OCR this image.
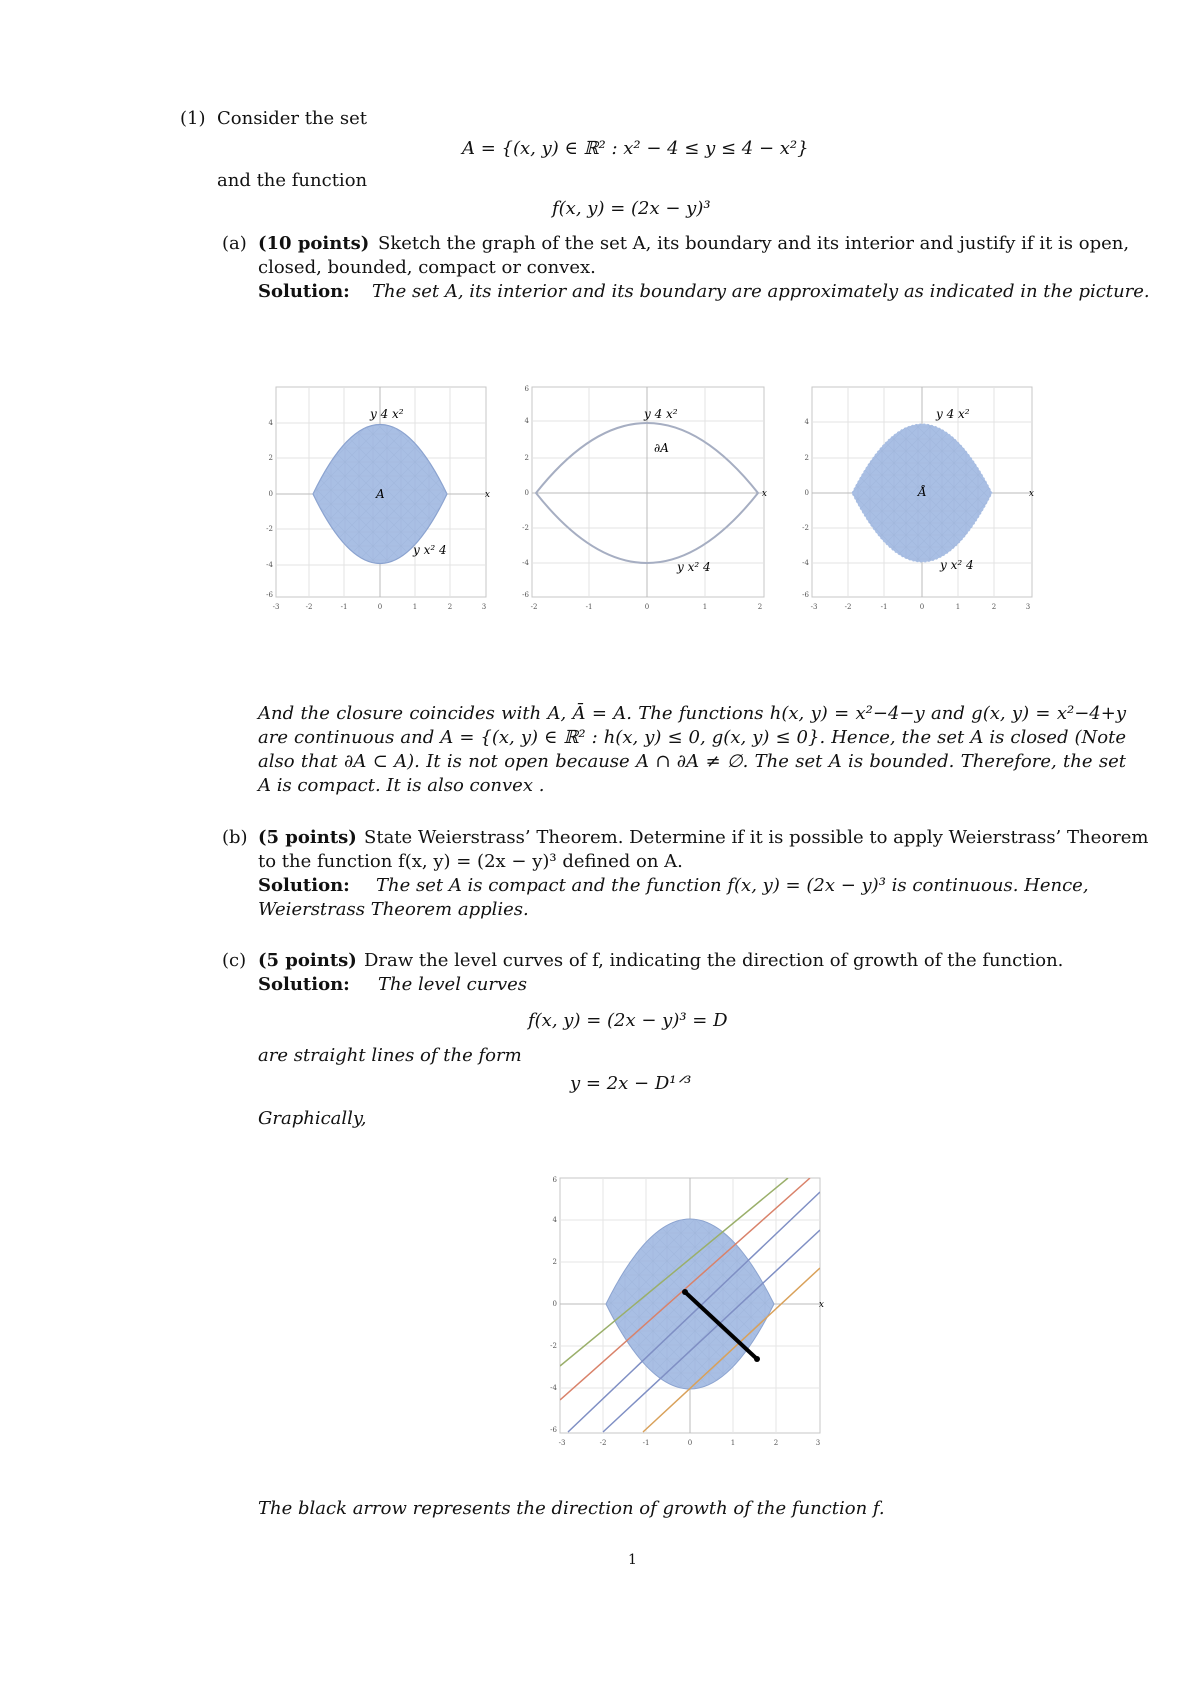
(1) Consider the set
A = {(x, y) ∈ ℝ² : x² − 4 ≤ y ≤ 4 − x²}
and the function
f(x, y) = (2x − y)³
(a) (10 points) Sketch the graph of the set A, its boundary and its interior and justify if it is open,
closed, bounded, compact or convex.
Solution: The set A, its interior and its boundary are approximately as indicated in the picture.
y 4 x²
y x² 4
A	x
-3	-2	-1	0	1	2	3
4
2
0
-2
-4
-6
y 4 x²
y x² 4
∂A
x
-2	-1	0	1	2
6
4
2
0
-2
-4
-6
y 4 x²
y x² 4
Å	x
-3	-2	-1	0	1	2	3
4
2
0
-2
-4
-6
And the closure coincides with A, Ā = A. The functions h(x, y) = x²−4−y and g(x, y) = x²−4+y are continuous and A = {(x, y) ∈ ℝ² : h(x, y) ≤ 0, g(x, y) ≤ 0}. Hence, the set A is closed (Note also that ∂A ⊂ A). It is not open because A ∩ ∂A ≠ ∅. The set A is bounded. Therefore, the set A is compact. It is also convex .
(b) (5 points) State Weierstrass’ Theorem. Determine if it is possible to apply Weierstrass’ Theorem
to the function f(x, y) = (2x − y)³ defined on A.
Solution: The set A is compact and the function f(x, y) = (2x − y)³ is continuous. Hence,
Weierstrass Theorem applies.
(c) (5 points) Draw the level curves of f, indicating the direction of growth of the function.
Solution: The level curves
f(x, y) = (2x − y)³ = D
are straight lines of the form
y = 2x − D¹ᐟ³
Graphically,
x
-3	-2	-1	0	1	2	3
6
4
2
0
-2
-4
-6
The black arrow represents the direction of growth of the function f.
1
